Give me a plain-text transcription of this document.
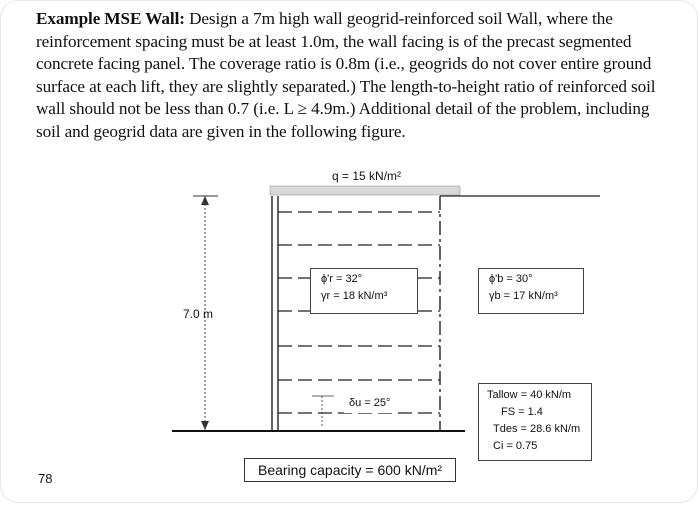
Example MSE Wall: Design a 7m high wall geogrid-reinforced soil Wall, where the reinforcement spacing must be at least 1.0m, the wall facing is of the precast segmented concrete facing panel. The coverage ratio is 0.8m (i.e., geogrids do not cover entire ground surface at each lift, they are slightly separated.) The length-to-height ratio of reinforced soil wall should not be less than 0.7 (i.e. L ≥ 4.9m.) Additional detail of the problem, including soil and geogrid data are given in the following figure.

q = 15 kN/m²
7.0 m
ϕ'r = 32°
γr = 18 kN/m³
ϕ'b = 30°
γb = 17 kN/m³
δu = 25°
Tallow = 40 kN/m
FS = 1.4
Tdes = 28.6 kN/m
Ci = 0.75
Bearing capacity = 600 kN/m²
78
